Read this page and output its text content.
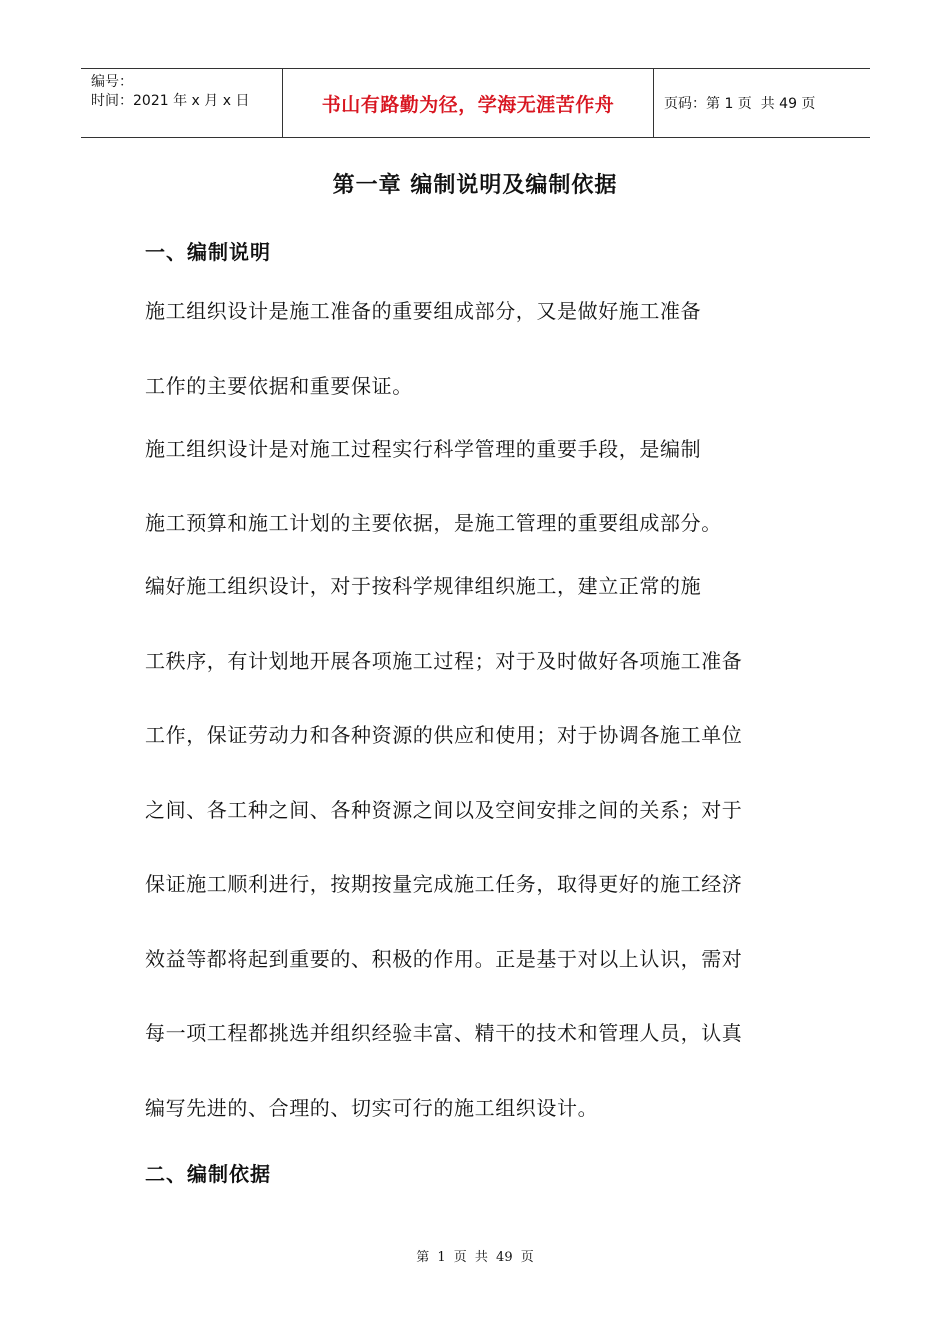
编号：
时间：2021 年 x 月 x 日	书山有路勤为径，学海无涯苦作舟	页码：第 1 页  共 49 页
第一章 编制说明及编制依据
一、编制说明
施工组织设计是施工准备的重要组成部分，又是做好施工准备
工作的主要依据和重要保证。
施工组织设计是对施工过程实行科学管理的重要手段，是编制
施工预算和施工计划的主要依据，是施工管理的重要组成部分。
编好施工组织设计，对于按科学规律组织施工，建立正常的施
工秩序，有计划地开展各项施工过程；对于及时做好各项施工准备
工作，保证劳动力和各种资源的供应和使用；对于协调各施工单位
之间、各工种之间、各种资源之间以及空间安排之间的关系；对于
保证施工顺利进行，按期按量完成施工任务，取得更好的施工经济
效益等都将起到重要的、积极的作用。正是基于对以上认识，需对
每一项工程都挑选并组织经验丰富、精干的技术和管理人员，认真
编写先进的、合理的、切实可行的施工组织设计。
二、编制依据
第 1 页 共 49 页
